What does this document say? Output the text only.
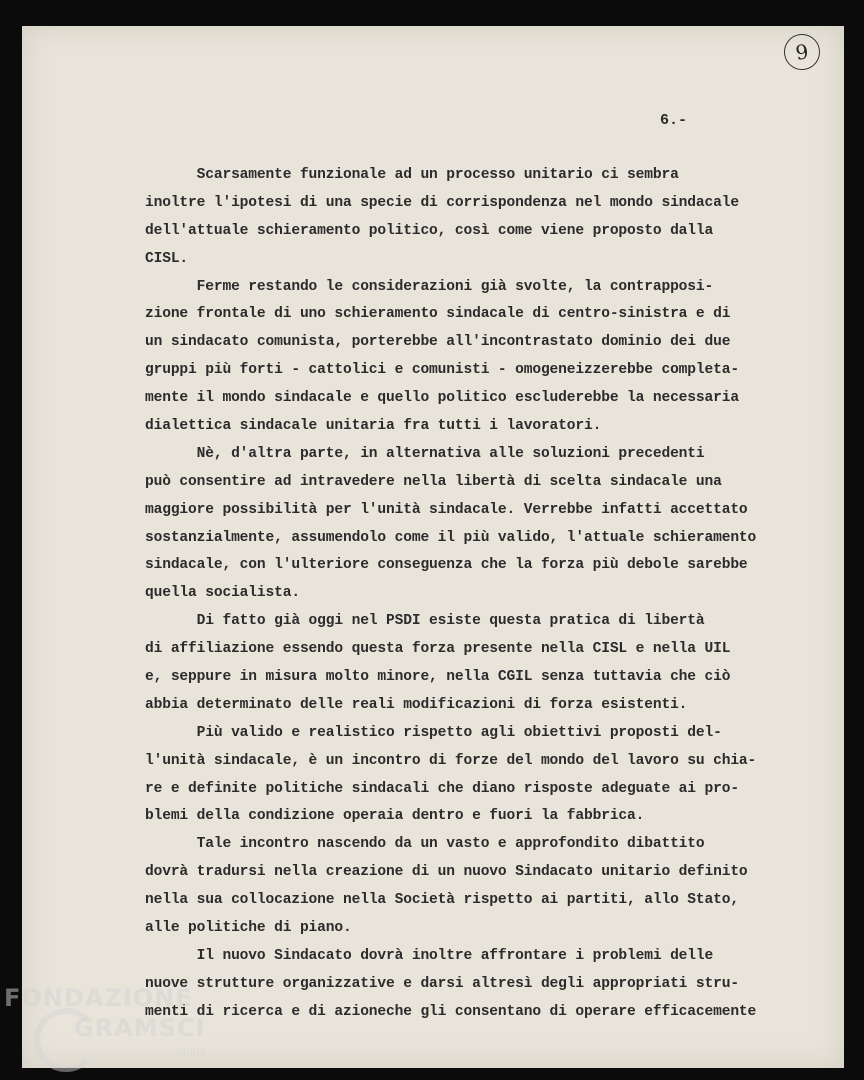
9
6.-
Scarsamente funzionale ad un processo unitario ci sembra
inoltre l'ipotesi di una specie di corrispondenza nel mondo sindacale
dell'attuale schieramento politico, così come viene proposto dalla
CISL.
Ferme restando le considerazioni già svolte, la contrapposi-
zione frontale di uno schieramento sindacale di centro-sinistra e di
un sindacato comunista, porterebbe all'incontrastato dominio dei due
gruppi più forti - cattolici e comunisti - omogeneizzerebbe completa-
mente il mondo sindacale e quello politico escluderebbe la necessaria
dialettica sindacale unitaria fra tutti i lavoratori.
Nè, d'altra parte, in alternativa alle soluzioni precedenti
può consentire ad intravedere nella libertà di scelta sindacale una
maggiore possibilità per l'unità sindacale. Verrebbe infatti accettato
sostanzialmente, assumendolo come il più valido, l'attuale schieramento
sindacale, con l'ulteriore conseguenza che la forza più debole sarebbe
quella socialista.
Di fatto già oggi nel PSDI esiste questa pratica di libertà
di affiliazione essendo questa forza presente nella CISL e nella UIL
e, seppure in misura molto minore, nella CGIL senza tuttavia che ciò
abbia determinato delle reali modificazioni di forza esistenti.
Più valido e realistico rispetto agli obiettivi proposti del-
l'unità sindacale, è un incontro di forze del mondo del lavoro su chia-
re e definite politiche sindacali che diano risposte adeguate ai pro-
blemi della condizione operaia dentro e fuori la fabbrica.
Tale incontro nascendo da un vasto e approfondito dibattito
dovrà tradursi nella creazione di un nuovo Sindacato unitario definito
nella sua collocazione nella Società rispetto ai partiti, allo Stato,
alle politiche di piano.
Il nuovo Sindacato dovrà inoltre affrontare i problemi delle
nuove strutture organizzative e darsi altresì degli appropriati stru-
menti di ricerca e di azioneche gli consentano di operare efficacemente
FONDAZIONE
GRAMSCI
onlus
